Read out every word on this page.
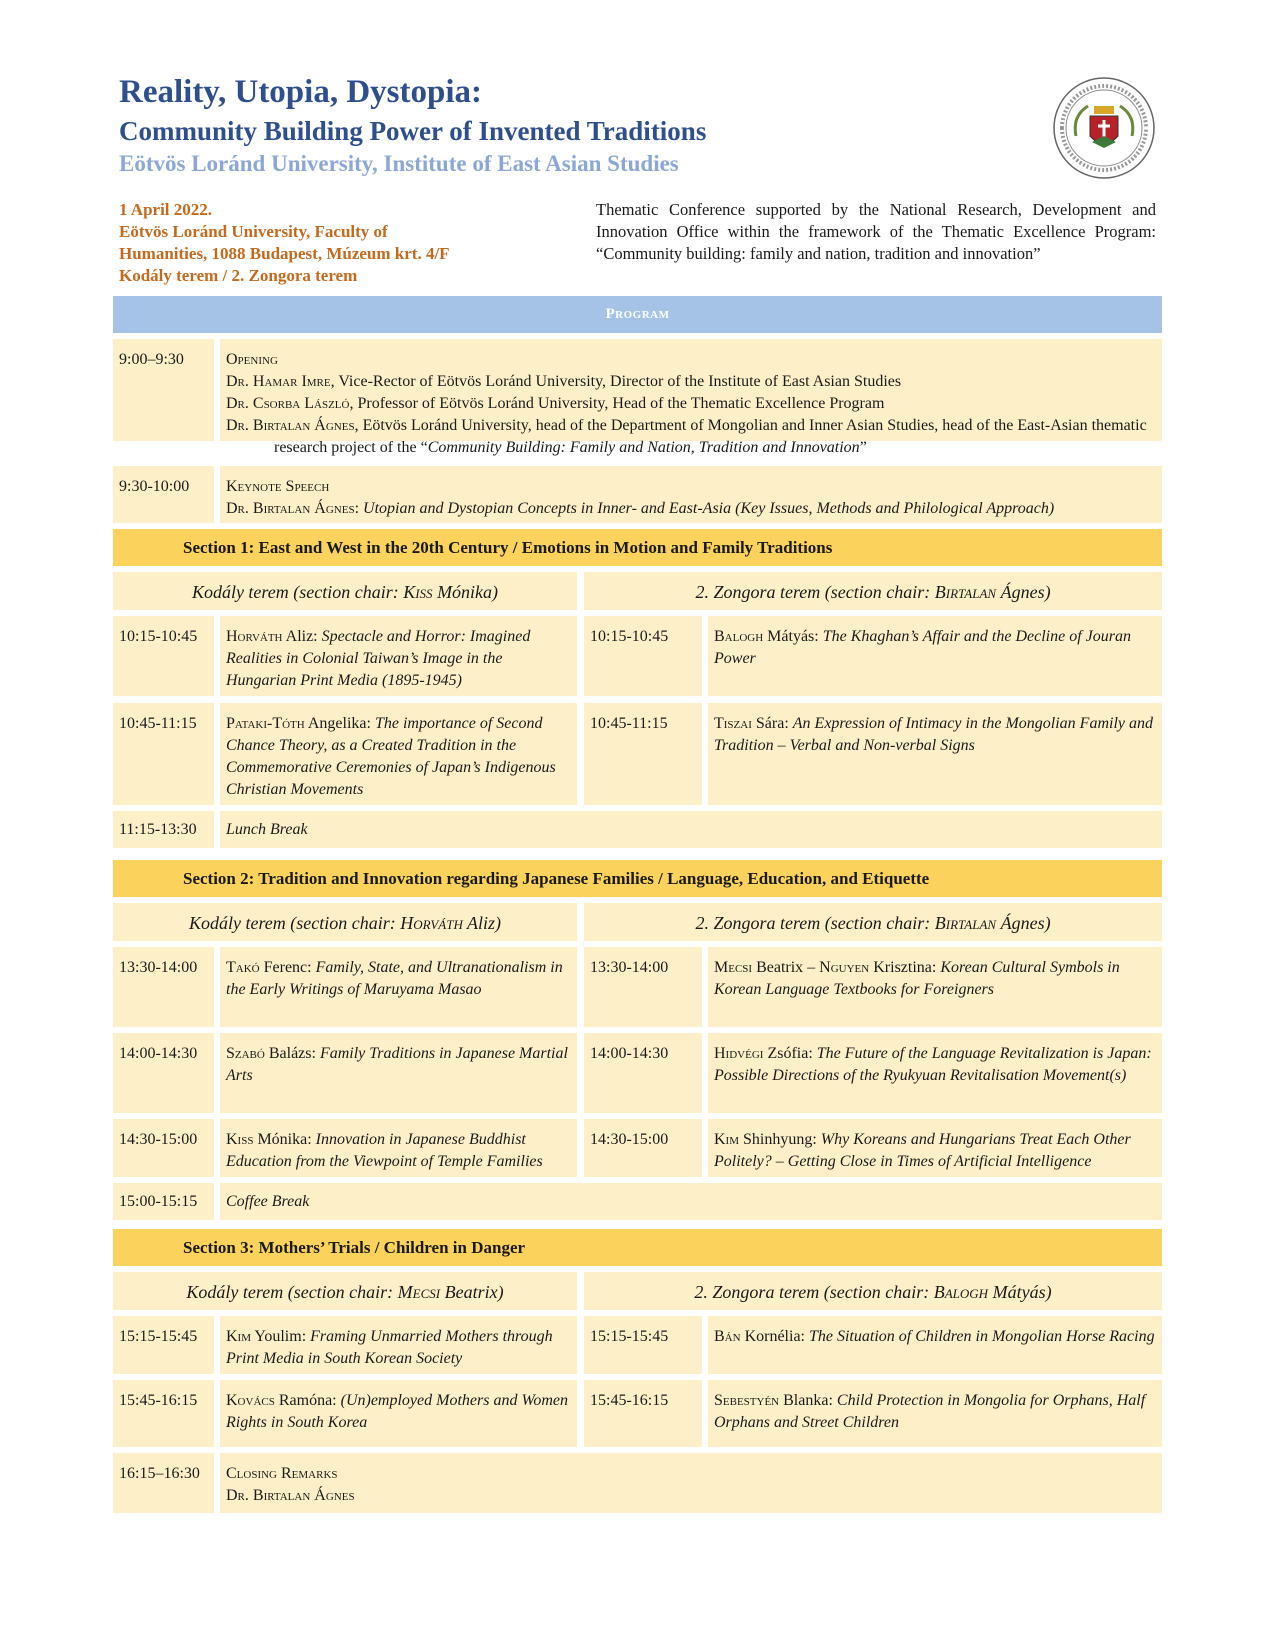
Reality, Utopia, Dystopia:
Community Building Power of Invented Traditions
Eötvös Loránd University, Institute of East Asian Studies
1 April 2022.
Eötvös Loránd University, Faculty of
Humanities, 1088 Budapest, Múzeum krt. 4/F
Kodály terem / 2. Zongora terem
Thematic Conference supported by the National Research, Development and Innovation Office within the framework of the Thematic Excellence Program: “Community building: family and nation, tradition and innovation”
Program
9:00–9:30	Opening
Dr. Hamar Imre, Vice-Rector of Eötvös Loránd University, Director of the Institute of East Asian Studies
Dr. Csorba László, Professor of Eötvös Loránd University, Head of the Thematic Excellence Program
Dr. Birtalan Ágnes, Eötvös Loránd University, head of the Department of Mongolian and Inner Asian Studies, head of the East-Asian thematic research project of the “Community Building: Family and Nation, Tradition and Innovation”
9:30-10:00	Keynote Speech
Dr. Birtalan Ágnes: Utopian and Dystopian Concepts in Inner- and East-Asia (Key Issues, Methods and Philological Approach)
Section 1: East and West in the 20th Century / Emotions in Motion and Family Traditions
Kodály terem (section chair: Kiss Mónika)	2. Zongora terem (section chair: Birtalan Ágnes)
10:15-10:45	Horváth Aliz: Spectacle and Horror: Imagined Realities in Colonial Taiwan’s Image in the Hungarian Print Media (1895-1945)
10:15-10:45	Balogh Mátyás: The Khaghan’s Affair and the Decline of Jouran Power
10:45-11:15	Pataki-Tóth Angelika: The importance of Second Chance Theory, as a Created Tradition in the Commemorative Ceremonies of Japan’s Indigenous Christian Movements
10:45-11:15	Tiszai Sára: An Expression of Intimacy in the Mongolian Family and Tradition – Verbal and Non-verbal Signs
11:15-13:30	Lunch Break
Section 2: Tradition and Innovation regarding Japanese Families / Language, Education, and Etiquette
Kodály terem (section chair: Horváth Aliz)	2. Zongora terem (section chair: Birtalan Ágnes)
13:30-14:00	Takó Ferenc: Family, State, and Ultranationalism in the Early Writings of Maruyama Masao
13:30-14:00	Mecsi Beatrix – Nguyen Krisztina: Korean Cultural Symbols in Korean Language Textbooks for Foreigners
14:00-14:30	Szabó Balázs: Family Traditions in Japanese Martial Arts
14:00-14:30	Hidvégi Zsófia: The Future of the Language Revitalization is Japan: Possible Directions of the Ryukyuan Revitalisation Movement(s)
14:30-15:00	Kiss Mónika: Innovation in Japanese Buddhist Education from the Viewpoint of Temple Families
14:30-15:00	Kim Shinhyung: Why Koreans and Hungarians Treat Each Other Politely? – Getting Close in Times of Artificial Intelligence
15:00-15:15	Coffee Break
Section 3: Mothers’ Trials / Children in Danger
Kodály terem (section chair: Mecsi Beatrix)	2. Zongora terem (section chair: Balogh Mátyás)
15:15-15:45	Kim Youlim: Framing Unmarried Mothers through Print Media in South Korean Society
15:15-15:45	Bán Kornélia: The Situation of Children in Mongolian Horse Racing
15:45-16:15	Kovács Ramóna: (Un)employed Mothers and Women Rights in South Korea
15:45-16:15	Sebestyén Blanka: Child Protection in Mongolia for Orphans, Half Orphans and Street Children
16:15–16:30	Closing Remarks
Dr. Birtalan Ágnes
